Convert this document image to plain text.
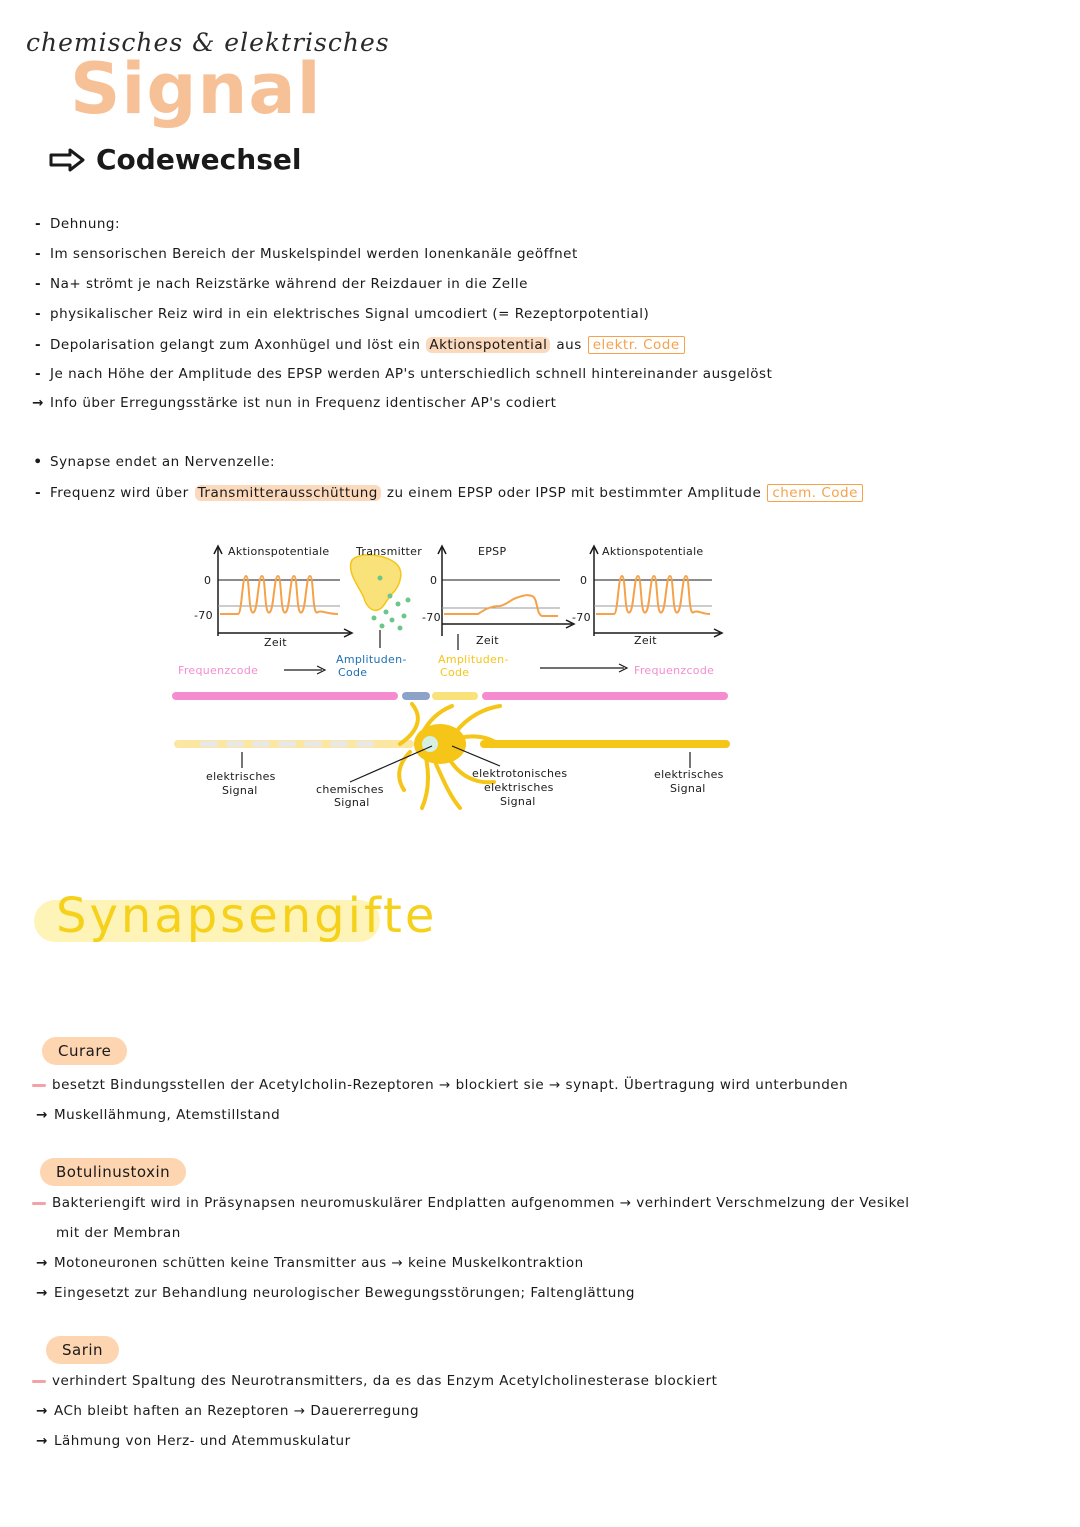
chemisches & elektrisches
Signal
Codewechsel
- Dehnung:
- Im sensorischen Bereich der Muskelspindel werden Ionenkanäle geöffnet
- Na+ strömt je nach Reizstärke während der Reizdauer in die Zelle
- physikalischer Reiz wird in ein elektrisches Signal umcodiert (= Rezeptorpotential)
- Depolarisation gelangt zum Axonhügel und löst ein Aktionspotential aus elektr. Code
- Je nach Höhe der Amplitude des EPSP werden AP's unterschiedlich schnell hintereinander ausgelöst
→ Info über Erregungsstärke ist nun in Frequenz identischer AP's codiert
• Synapse endet an Nervenzelle:
- Frequenz wird über Transmitterausschüttung zu einem EPSP oder IPSP mit bestimmter Amplitude chem. Code
Aktionspotentiale
0
-70
Zeit
Transmitter	EPSP
0
-70
Zeit
Aktionspotentiale
0
-70
Zeit
Frequenzcode
Amplituden-
Code
Amplituden-
Code	Frequenzcode
elektrisches
Signal	chemisches
Signal
elektrotonisches
elektrisches
Signal
elektrisches
Signal
Synapsengifte
Curare
besetzt Bindungsstellen der Acetylcholin-Rezeptoren → blockiert sie → synapt. Übertragung wird unterbunden
→ Muskellähmung, Atemstillstand
Botulinustoxin
Bakteriengift wird in Präsynapsen neuromuskulärer Endplatten aufgenommen → verhindert Verschmelzung der Vesikel
mit der Membran
→ Motoneuronen schütten keine Transmitter aus → keine Muskelkontraktion
→ Eingesetzt zur Behandlung neurologischer Bewegungsstörungen; Faltenglättung
Sarin
verhindert Spaltung des Neurotransmitters, da es das Enzym Acetylcholinesterase blockiert
→ ACh bleibt haften an Rezeptoren → Dauererregung
→ Lähmung von Herz- und Atemmuskulatur
